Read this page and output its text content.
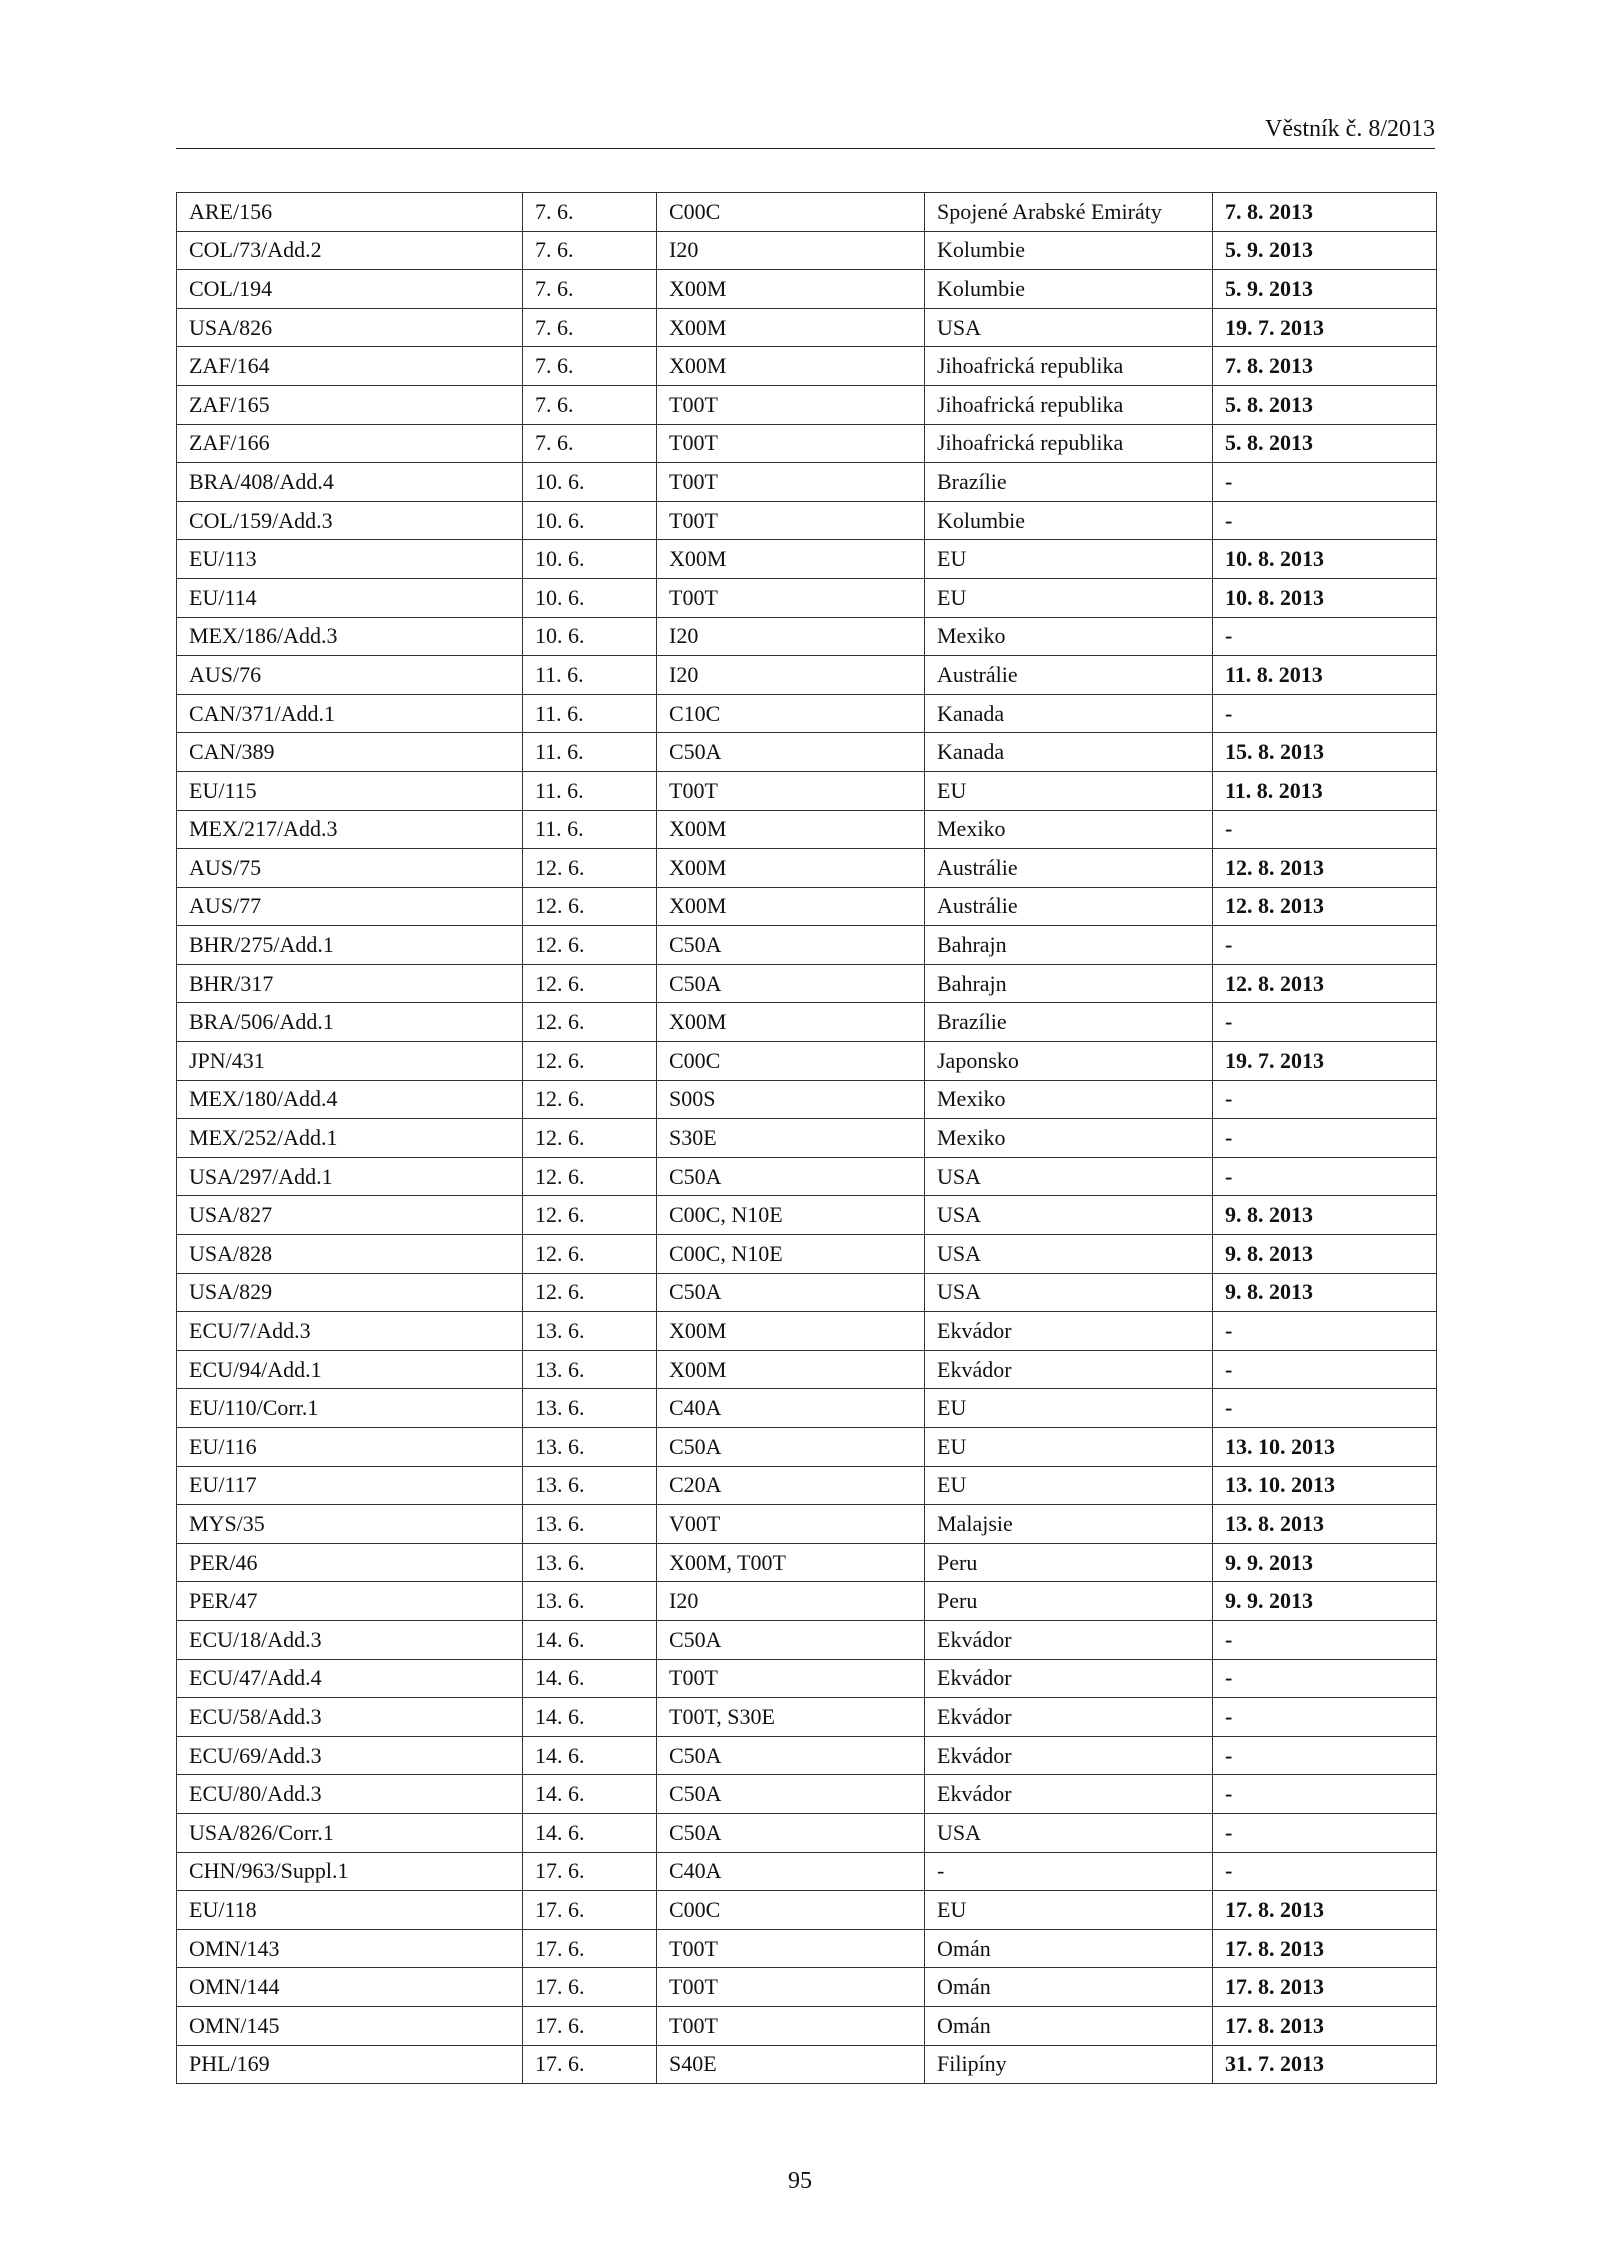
Věstník č. 8/2013
ARE/156	7. 6.	C00C	Spojené Arabské Emiráty	7. 8. 2013
COL/73/Add.2	7. 6.	I20	Kolumbie	5. 9. 2013
COL/194	7. 6.	X00M	Kolumbie	5. 9. 2013
USA/826	7. 6.	X00M	USA	19. 7. 2013
ZAF/164	7. 6.	X00M	Jihoafrická republika	7. 8. 2013
ZAF/165	7. 6.	T00T	Jihoafrická republika	5. 8. 2013
ZAF/166	7. 6.	T00T	Jihoafrická republika	5. 8. 2013
BRA/408/Add.4	10. 6.	T00T	Brazílie	-
COL/159/Add.3	10. 6.	T00T	Kolumbie	-
EU/113	10. 6.	X00M	EU	10. 8. 2013
EU/114	10. 6.	T00T	EU	10. 8. 2013
MEX/186/Add.3	10. 6.	I20	Mexiko	-
AUS/76	11. 6.	I20	Austrálie	11. 8. 2013
CAN/371/Add.1	11. 6.	C10C	Kanada	-
CAN/389	11. 6.	C50A	Kanada	15. 8. 2013
EU/115	11. 6.	T00T	EU	11. 8. 2013
MEX/217/Add.3	11. 6.	X00M	Mexiko	-
AUS/75	12. 6.	X00M	Austrálie	12. 8. 2013
AUS/77	12. 6.	X00M	Austrálie	12. 8. 2013
BHR/275/Add.1	12. 6.	C50A	Bahrajn	-
BHR/317	12. 6.	C50A	Bahrajn	12. 8. 2013
BRA/506/Add.1	12. 6.	X00M	Brazílie	-
JPN/431	12. 6.	C00C	Japonsko	19. 7. 2013
MEX/180/Add.4	12. 6.	S00S	Mexiko	-
MEX/252/Add.1	12. 6.	S30E	Mexiko	-
USA/297/Add.1	12. 6.	C50A	USA	-
USA/827	12. 6.	C00C, N10E	USA	9. 8. 2013
USA/828	12. 6.	C00C, N10E	USA	9. 8. 2013
USA/829	12. 6.	C50A	USA	9. 8. 2013
ECU/7/Add.3	13. 6.	X00M	Ekvádor	-
ECU/94/Add.1	13. 6.	X00M	Ekvádor	-
EU/110/Corr.1	13. 6.	C40A	EU	-
EU/116	13. 6.	C50A	EU	13. 10. 2013
EU/117	13. 6.	C20A	EU	13. 10. 2013
MYS/35	13. 6.	V00T	Malajsie	13. 8. 2013
PER/46	13. 6.	X00M, T00T	Peru	9. 9. 2013
PER/47	13. 6.	I20	Peru	9. 9. 2013
ECU/18/Add.3	14. 6.	C50A	Ekvádor	-
ECU/47/Add.4	14. 6.	T00T	Ekvádor	-
ECU/58/Add.3	14. 6.	T00T, S30E	Ekvádor	-
ECU/69/Add.3	14. 6.	C50A	Ekvádor	-
ECU/80/Add.3	14. 6.	C50A	Ekvádor	-
USA/826/Corr.1	14. 6.	C50A	USA	-
CHN/963/Suppl.1	17. 6.	C40A	-	-
EU/118	17. 6.	C00C	EU	17. 8. 2013
OMN/143	17. 6.	T00T	Omán	17. 8. 2013
OMN/144	17. 6.	T00T	Omán	17. 8. 2013
OMN/145	17. 6.	T00T	Omán	17. 8. 2013
PHL/169	17. 6.	S40E	Filipíny	31. 7. 2013
95
